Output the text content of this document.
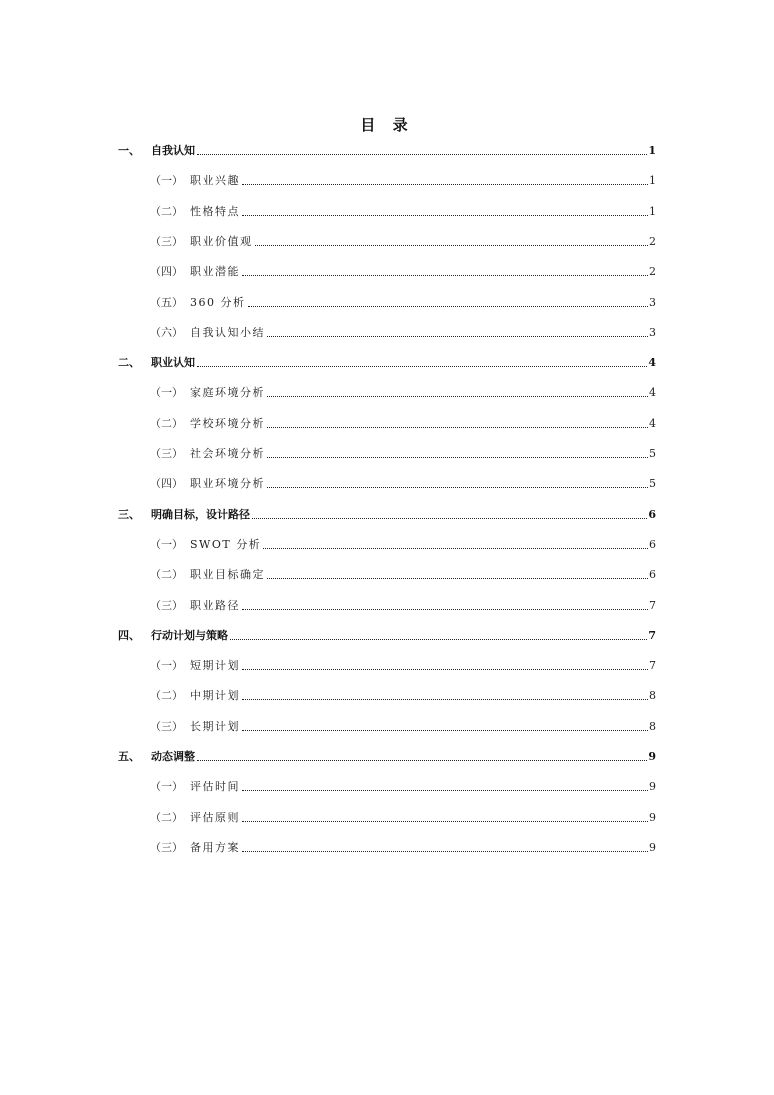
目 录
一、	自我认知	1
（一） 职业兴趣	1
（二） 性格特点	1
（三） 职业价值观	2
（四） 职业潜能	2
（五） 360 分析	3
（六） 自我认知小结	3
二、	职业认知	4
（一） 家庭环境分析	4
（二） 学校环境分析	4
（三） 社会环境分析	5
（四） 职业环境分析	5
三、	明确目标，设计路径	6
（一） SWOT 分析	6
（二） 职业目标确定	6
（三） 职业路径	7
四、	行动计划与策略	7
（一） 短期计划	7
（二） 中期计划	8
（三） 长期计划	8
五、	动态调整	9
（一） 评估时间	9
（二） 评估原则	9
（三） 备用方案	9
